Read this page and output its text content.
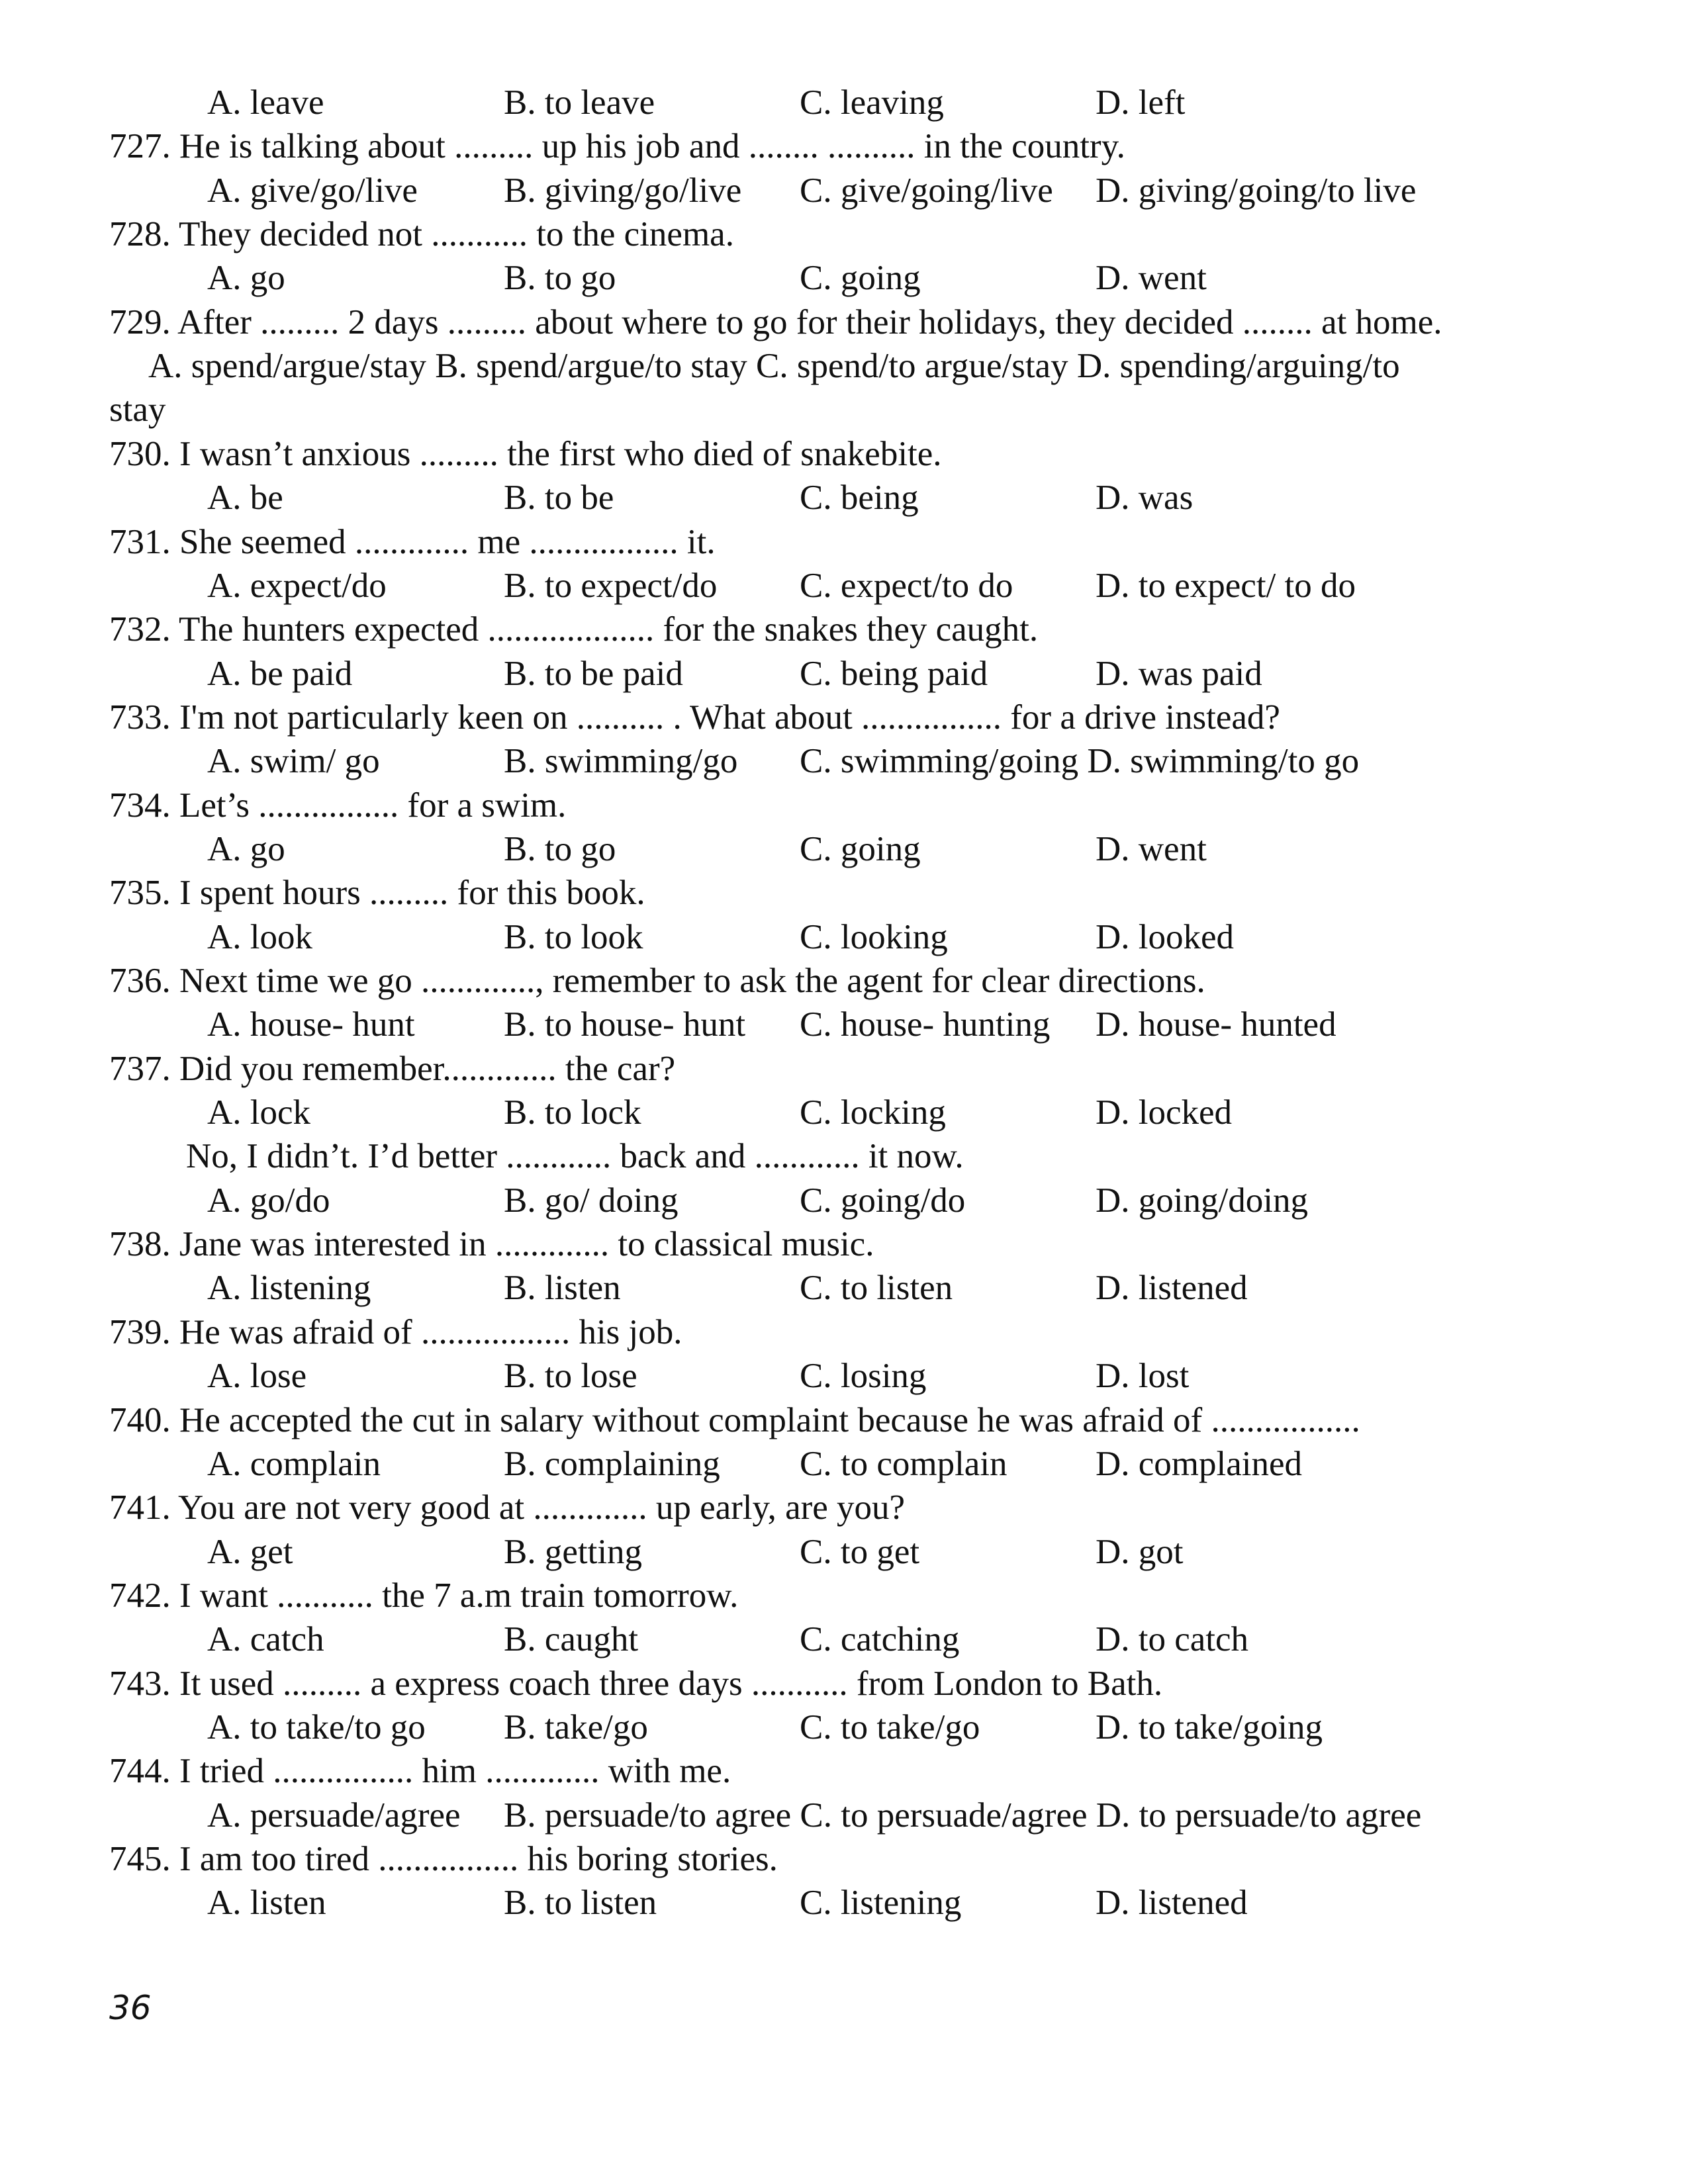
A. leave	B. to leave	C. leaving	D. left
727. He is talking about ......... up his job and ........ .......... in the country.
A. give/go/live B. giving/go/live C. give/going/live D. giving/going/to live
728. They decided not ........... to the cinema.
A. go	B. to go	C. going	D. went
729. After ......... 2 days ......... about where to go for their holidays, they decided ........ at home.
A. spend/argue/stay B. spend/argue/to stay C. spend/to argue/stay D. spending/arguing/to
stay
730. I wasn’t anxious ......... the first who died of snakebite.
A. be	B. to be	C. being	D. was
731. She seemed ............. me ................. it.
A. expect/do	B. to expect/do C. expect/to do D. to expect/ to do
732. The hunters expected ................... for the snakes they caught.
A. be paid	B. to be paid	C. being paid	D. was paid
733. I'm not particularly keen on .......... . What about ................ for a drive instead?
A. swim/ go	B. swimming/go C. swimming/going D. swimming/to go
734. Let’s ................ for a swim.
A. go	B. to go	C. going	D. went
735. I spent hours ......... for this book.
A. look	B. to look	C. looking	D. looked
736. Next time we go ............., remember to ask the agent for clear directions.
A. house- hunt	B. to house- hunt C. house- hunting D. house- hunted
737. Did you remember............. the car?
A. lock	B. to lock	C. locking	D. locked
No, I didn’t. I’d better ............ back and ............ it now.
A. go/do	B. go/ doing	C. going/do	D. going/doing
738. Jane was interested in ............. to classical music.
A. listening	B. listen	C. to listen	D. listened
739. He was afraid of ................. his job.
A. lose	B. to lose	C. losing	D. lost
740. He accepted the cut in salary without complaint because he was afraid of .................
A. complain	B. complaining C. to complain	D. complained
741. You are not very good at ............. up early, are you?
A. get	B. getting	C. to get	D. got
742. I want ........... the 7 a.m train tomorrow.
A. catch	B. caught	C. catching	D. to catch
743. It used ......... a express coach three days ........... from London to Bath.
A. to take/to go B. take/go	C. to take/go	D. to take/going
744. I tried ................ him ............. with me.
A. persuade/agree B. persuade/to agree C. to persuade/agree D. to persuade/to agree
745. I am too tired ................ his boring stories.
A. listen	B. to listen	C. listening	D. listened
36
